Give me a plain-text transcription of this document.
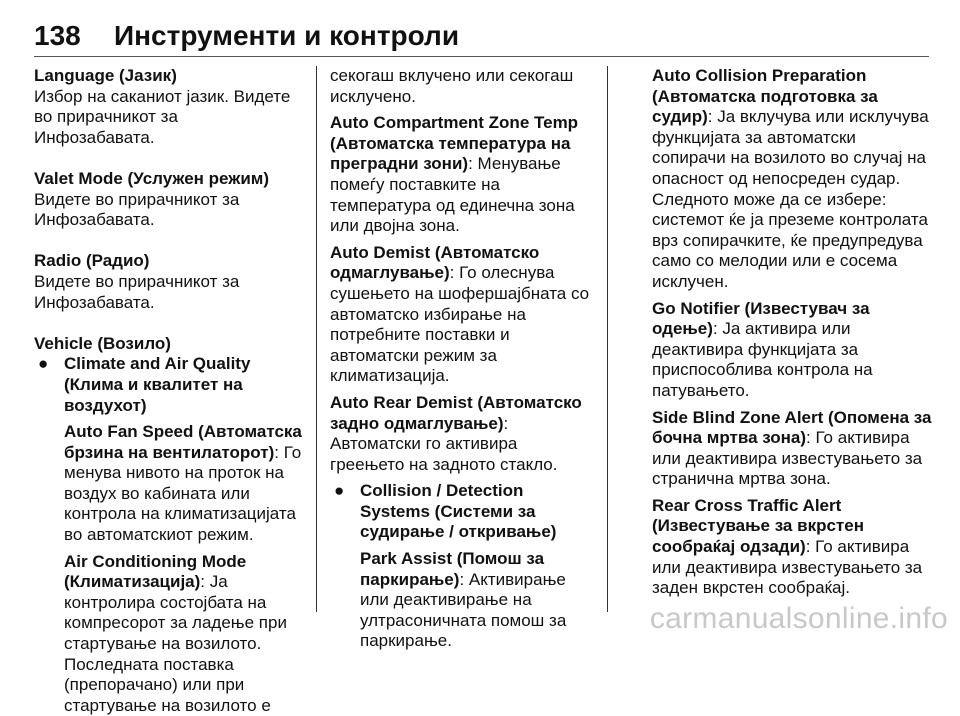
138 Инструменти и контроли

Language (Јазик)

Избор на саканиот јазик. Видете во прирачникот за Инфозабавата.

Valet Mode (Услужен режим)

Видете во прирачникот за Инфозабавата.

Radio (Радио)

Видете во прирачникот за Инфозабавата.

Vehicle (Возило)

● Climate and Air Quality (Клима и квалитет на воздухот)

Auto Fan Speed (Автоматска брзина на вентилаторот): Го менува нивото на проток на воздух во кабината или контрола на климатизацијата во автоматскиот режим.

Air Conditioning Mode (Климатизација): Ја контролира состојбата на компресорот за ладење при стартување на возилото. Последната поставка (препорачано) или при стартување на возилото е

секогаш вклучено или секогаш исклучено.

Auto Compartment Zone Temp (Автоматска температура на преградни зони): Менување помеѓу поставките на температура од единечна зона или двојна зона.

Auto Demist (Автоматско одмаглување): Го олеснува сушењето на шофершајбната со автоматско избирање на потребните поставки и автоматски режим за климатизација.

Auto Rear Demist (Автоматско задно одмаглување): Автоматски го активира греењето на задното стакло.

● Collision / Detection Systems (Системи за судирање / откривање)

Park Assist (Помош за паркирање): Активирање или деактивирање на ултрасоничната помош за паркирање.

Auto Collision Preparation (Автоматска подготовка за судир): Ја вклучува или исклучува функцијата за автоматски сопирачи на возилото во случај на опасност од непосреден судар. Следното може да се избере: системот ќе ја преземе контролата врз сопирачките, ќе предупредува само со мелодии или е сосема исклучен.

Go Notifier (Известувач за одење): Ја активира или деактивира функцијата за приспособлива контрола на патувањето.

Side Blind Zone Alert (Опомена за бочна мртва зона): Го активира или деактивира известувањето за странична мртва зона.

Rear Cross Traffic Alert (Известување за вкрстен сообраќај одзади): Го активира или деактивира известувањето за заден вкрстен сообраќај.

carmanualsonline.info
